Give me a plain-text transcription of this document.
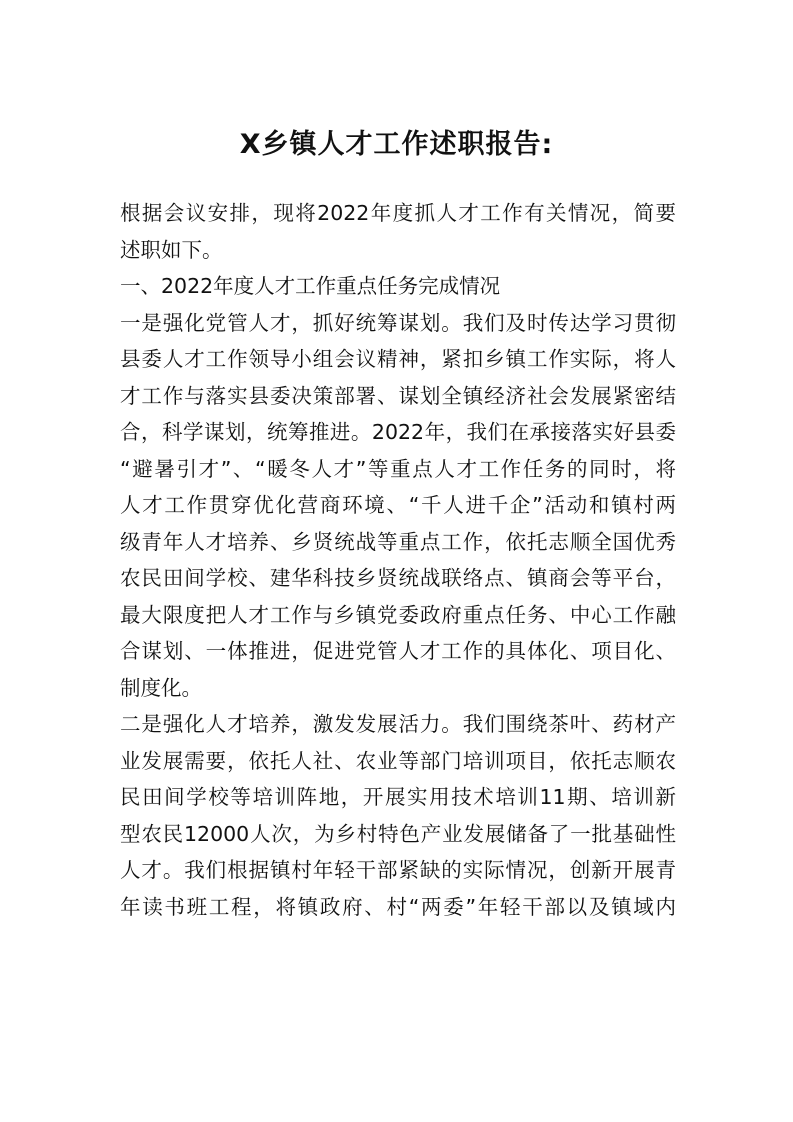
X乡镇人才工作述职报告:
根据会议安排，现将2022年度抓人才工作有关情况，简要
述职如下。
一、2022年度人才工作重点任务完成情况
一是强化党管人才，抓好统筹谋划。我们及时传达学习贯彻
县委人才工作领导小组会议精神，紧扣乡镇工作实际，将人
才工作与落实县委决策部署、谋划全镇经济社会发展紧密结
合，科学谋划，统筹推进。2022年，我们在承接落实好县委
“避暑引才”、“暖冬人才”等重点人才工作任务的同时，将
人才工作贯穿优化营商环境、“千人进千企”活动和镇村两
级青年人才培养、乡贤统战等重点工作，依托志顺全国优秀
农民田间学校、建华科技乡贤统战联络点、镇商会等平台，
最大限度把人才工作与乡镇党委政府重点任务、中心工作融
合谋划、一体推进，促进党管人才工作的具体化、项目化、
制度化。
二是强化人才培养，激发发展活力。我们围绕茶叶、药材产
业发展需要，依托人社、农业等部门培训项目，依托志顺农
民田间学校等培训阵地，开展实用技术培训11期、培训新
型农民12000人次，为乡村特色产业发展储备了一批基础性
人才。我们根据镇村年轻干部紧缺的实际情况，创新开展青
年读书班工程，将镇政府、村“两委”年轻干部以及镇域内
